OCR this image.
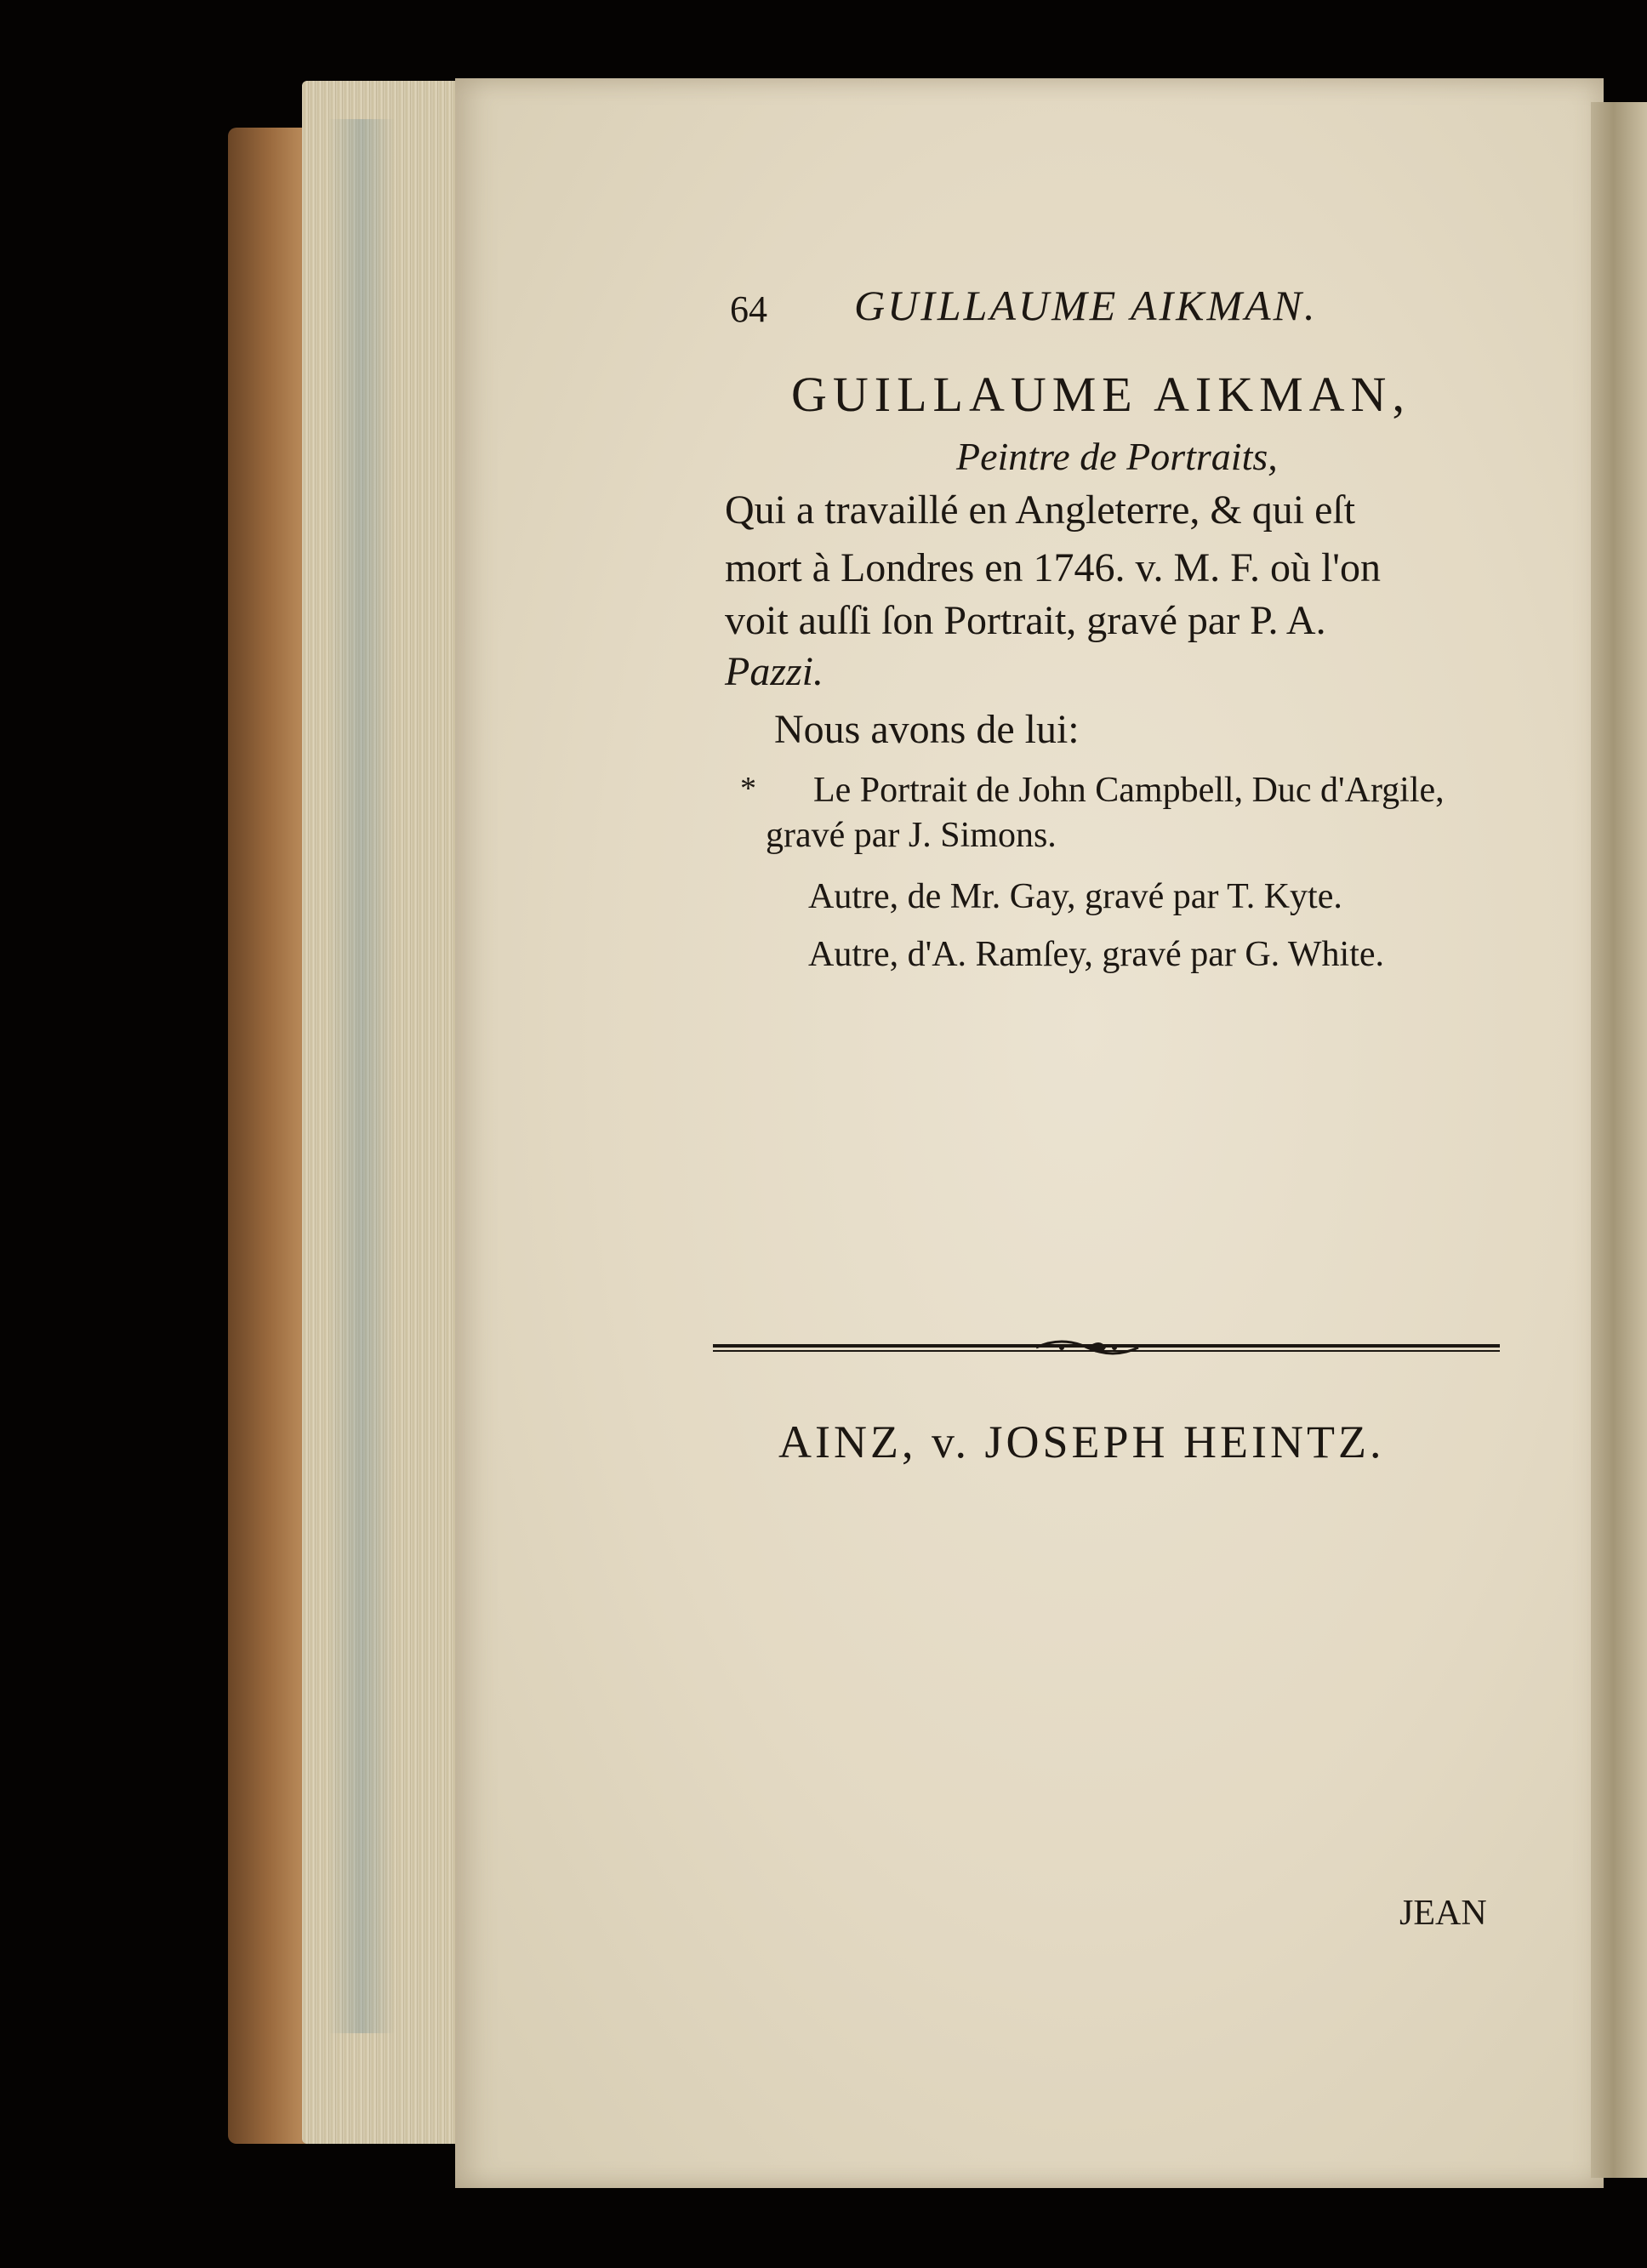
64 GUILLAUME AIKMAN.
GUILLAUME AIKMAN,
Peintre de Portraits,
Qui a travaillé en Angleterre, & qui eſt
mort à Londres en 1746. v. M. F. où l'on
voit auſſi ſon Portrait, gravé par P. A.
Pazzi.
Nous avons de lui:
* Le Portrait de John Campbell, Duc d'Argile,
gravé par J. Simons.
Autre, de Mr. Gay, gravé par T. Kyte.
Autre, d'A. Ramſey, gravé par G. White.
AINZ, v. JOSEPH HEINTZ.
JEAN
